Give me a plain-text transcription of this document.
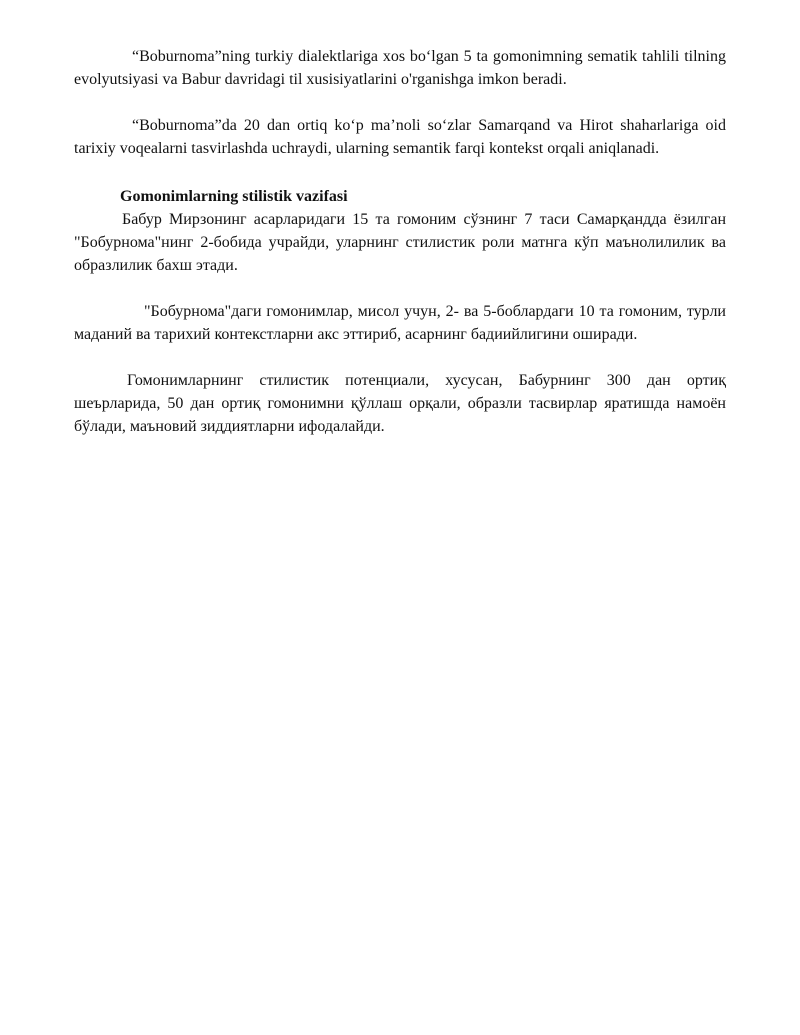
“Boburnoma”ning turkiy dialektlariga xos bo‘lgan 5 ta gomonimning sematik tahlili tilning evolyutsiyasi va Babur davridagi til xusisiyatlarini o'rganishga imkon beradi.

“Boburnoma”da 20 dan ortiq ko‘p ma’noli so‘zlar Samarqand va Hirot shaharlariga oid tarixiy voqealarni tasvirlashda uchraydi, ularning semantik farqi kontekst orqali aniqlanadi.

Gomonimlarning stilistik vazifasi

Бабур Мирзонинг асарларидаги 15 та гомоним сўзнинг 7 таси Самарқандда ёзилган "Бобурнома"нинг 2-бобида учрайди, уларнинг стилистик роли матнга кўп маънолилилик ва образлилик бахш этади.

"Бобурнома"даги гомонимлар, мисол учун, 2- ва 5-боблардаги 10 та гомоним, турли маданий ва тарихий контекстларни акс эттириб, асарнинг бадиийлигини оширади.

Гомонимларнинг стилистик потенциали, хусусан, Бабурнинг 300 дан ортиқ шеърларида, 50 дан ортиқ гомонимни қўллаш орқали, образли тасвирлар яратишда намоён бўлади, маъновий зиддиятларни ифодалайди.
